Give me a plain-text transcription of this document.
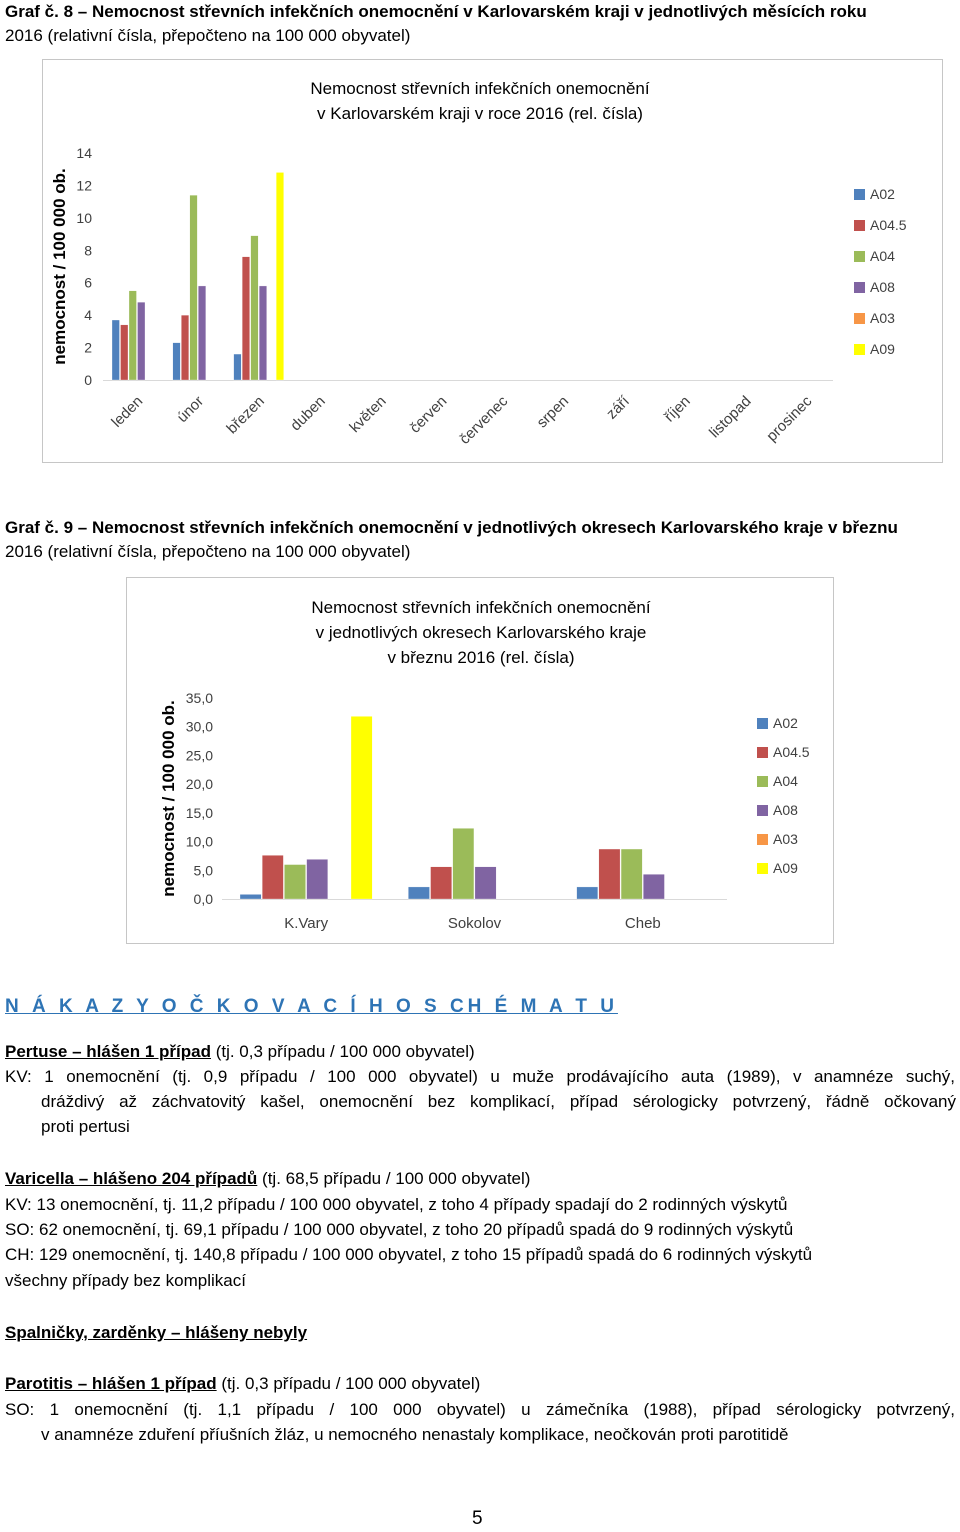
Graf č. 8 – Nemocnost střevních infekčních onemocnění v Karlovarském kraji v jednotlivých měsících roku
2016 (relativní čísla, přepočteno na 100 000 obyvatel)
Nemocnost střevních infekčních onemocnění
v Karlovarském kraji v roce 2016 (rel. čísla)
nemocnost / 100 000 ob.
0
2
4
6
8
10
12
14
leden únor březen duben květen červen červenec srpen září říjen listopad prosinec
A02
A04.5
A04
A08
A03
A09
Graf č. 9 – Nemocnost střevních infekčních onemocnění v jednotlivých okresech Karlovarského kraje v březnu
2016 (relativní čísla, přepočteno na 100 000 obyvatel)
Nemocnost střevních infekčních onemocnění
v jednotlivých okresech Karlovarského kraje
v březnu 2016 (rel. čísla)
nemocnost / 100 000 ob.
0,0
5,0
10,0
15,0
20,0
25,0
30,0
35,0
K.Vary	Sokolov	Cheb
A02
A04.5
A04
A08
A03
A09
N Á K A Z Y O Č K O V A C Í H O S CH É M A T U
Pertuse – hlášen 1 případ (tj. 0,3 případu / 100 000 obyvatel)
KV: 1 onemocnění (tj. 0,9 případu / 100 000 obyvatel) u muže prodávajícího auta (1989), v anamnéze suchý,
dráždivý až záchvatovitý kašel, onemocnění bez komplikací, případ sérologicky potvrzený, řádně očkovaný
proti pertusi
Varicella – hlášeno 204 případů (tj. 68,5 případu / 100 000 obyvatel)
KV: 13 onemocnění, tj. 11,2 případu / 100 000 obyvatel, z toho 4 případy spadají do 2 rodinných výskytů
SO: 62 onemocnění, tj. 69,1 případu / 100 000 obyvatel, z toho 20 případů spadá do 9 rodinných výskytů
CH: 129 onemocnění, tj. 140,8 případu / 100 000 obyvatel, z toho 15 případů spadá do 6 rodinných výskytů
všechny případy bez komplikací
Spalničky, zarděnky – hlášeny nebyly
Parotitis – hlášen 1 případ (tj. 0,3 případu / 100 000 obyvatel)
SO: 1 onemocnění (tj. 1,1 případu / 100 000 obyvatel) u zámečníka (1988), případ sérologicky potvrzený,
v anamnéze zduření příušních žláz, u nemocného nenastaly komplikace, neočkován proti parotitidě
5
